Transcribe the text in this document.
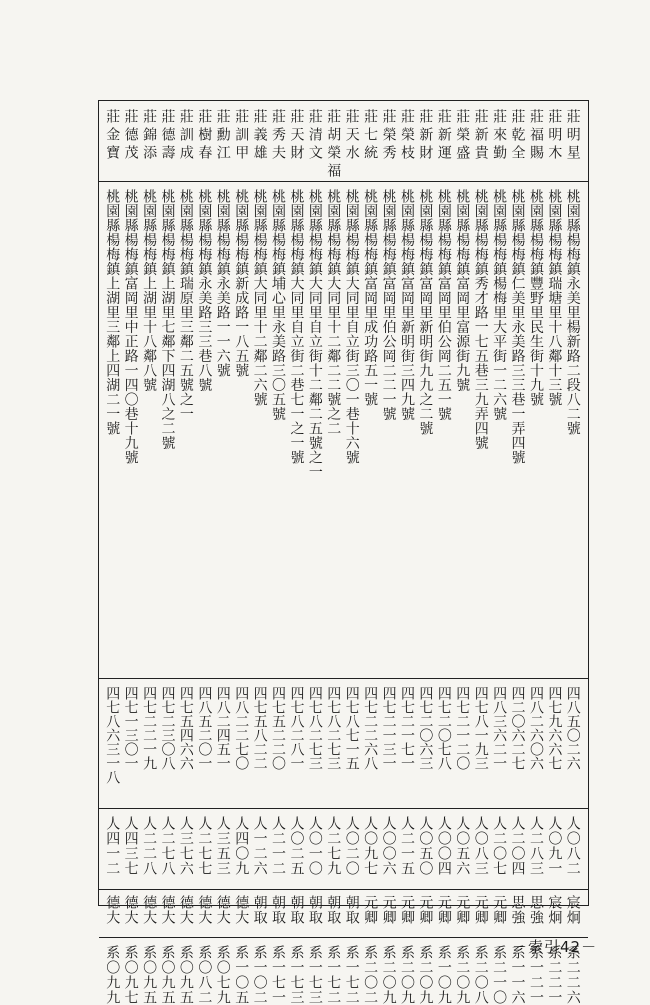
莊明星
莊明木
莊福賜
莊乾全
莊來勤
莊新貴
莊榮盛
莊新運
莊新財
莊榮枝
莊榮秀
莊七統
莊天水
莊胡榮福
莊清文
莊天財
莊秀夫
莊義雄
莊訓甲
莊勳江
莊樹春
莊訓成
莊德壽
莊錦添
莊德茂
莊金寶
桃園縣楊梅鎮永美里楊新路二段八二號
桃園縣楊梅鎮瑞塘里十八鄰十三號
桃園縣楊梅鎮豐野里民生街十九號
桃園縣楊梅鎮仁美里永美路三三巷一弄四號
桃園縣楊梅鎮楊梅里大平街一二六號
桃園縣楊梅鎮秀才路一七五巷三九弄四號
桃園縣楊梅鎮富岡里富源街九號
桃園縣楊梅鎮富岡里伯公岡二五一號
桃園縣楊梅鎮富岡里新明街九九之二號
桃園縣楊梅鎮富岡里新明街三四九號
桃園縣楊梅鎮富岡里伯公岡二二一號
桃園縣楊梅鎮富岡里成功路五一號
桃園縣楊梅鎮大同里自立街三〇一巷十六號
桃園縣楊梅鎮大同里十二鄰二二號之二
桃園縣楊梅鎮大同里自立街十二鄰二五號之一
桃園縣楊梅鎮大同里自立街二巷七一之一號
桃園縣楊梅鎮埔心里永美路三〇五號
桃園縣楊梅鎮大同里十二鄰二六號
桃園縣楊梅鎮新成路一八五號
桃園縣楊梅鎮永美路一一六號
桃園縣楊梅鎮永美路三三巷八號
桃園縣楊梅鎮瑞原里三鄰二五號之一
桃園縣楊梅鎮上湖里七鄰下四湖八之二號
桃園縣楊梅鎮上湖里十八鄰八號
桃園縣楊梅鎮富岡里中正路一四〇巷十九號
桃園縣楊梅鎮上湖里三鄰上四湖二一號
四八五〇二六
四七九六六七
四八二六〇六
四二〇六二七
四八三六二一
四七八一九三
四七二一二〇
四七二〇七八
四七二〇六三
四七二一七一
四七二一三一
四七二二六八
四七八七一五
四七八二七三
四七八二七三
四七八二八一
四七五二二〇
四七五八二二
四八二二七〇
四八二四五一
四八五二〇一
四七五四六六
四七二三〇八
四七二二一九
四七一三〇一
四七八六三一八
人〇八二
人〇九一
人二八三
人二〇四
人二〇七
人〇八三
人〇五六
人〇〇四
人〇五〇
人二一五
人〇〇六
人〇九七
人〇二〇
人二七九
人〇一〇
人〇二五
人二一二
人一二六
人四〇九
人三五三
人二七七
人三七六
人二七八
人二二八
人四三七
人四一二
宸炯
宸炯
思強
思強
元卿
元卿
元卿
元卿
元卿
元卿
元卿
元卿
朝取
朝取
朝取
朝取
朝取
朝取
德大
德大
德大
德大
德大
德大
德大
德大
系二二六
系二二一
系一二一
系一一六
系二一〇
系二〇八
系二〇九
系一〇九
系二〇九
系二〇九
系二〇九
系二〇二
系一七二
系一七二
系一七三
系一七三
系一七一
系一〇二
系一〇五
系〇七九
系〇八二
系〇九五
系〇九五
系〇九五
系〇九七
系〇九九	－索引42－
